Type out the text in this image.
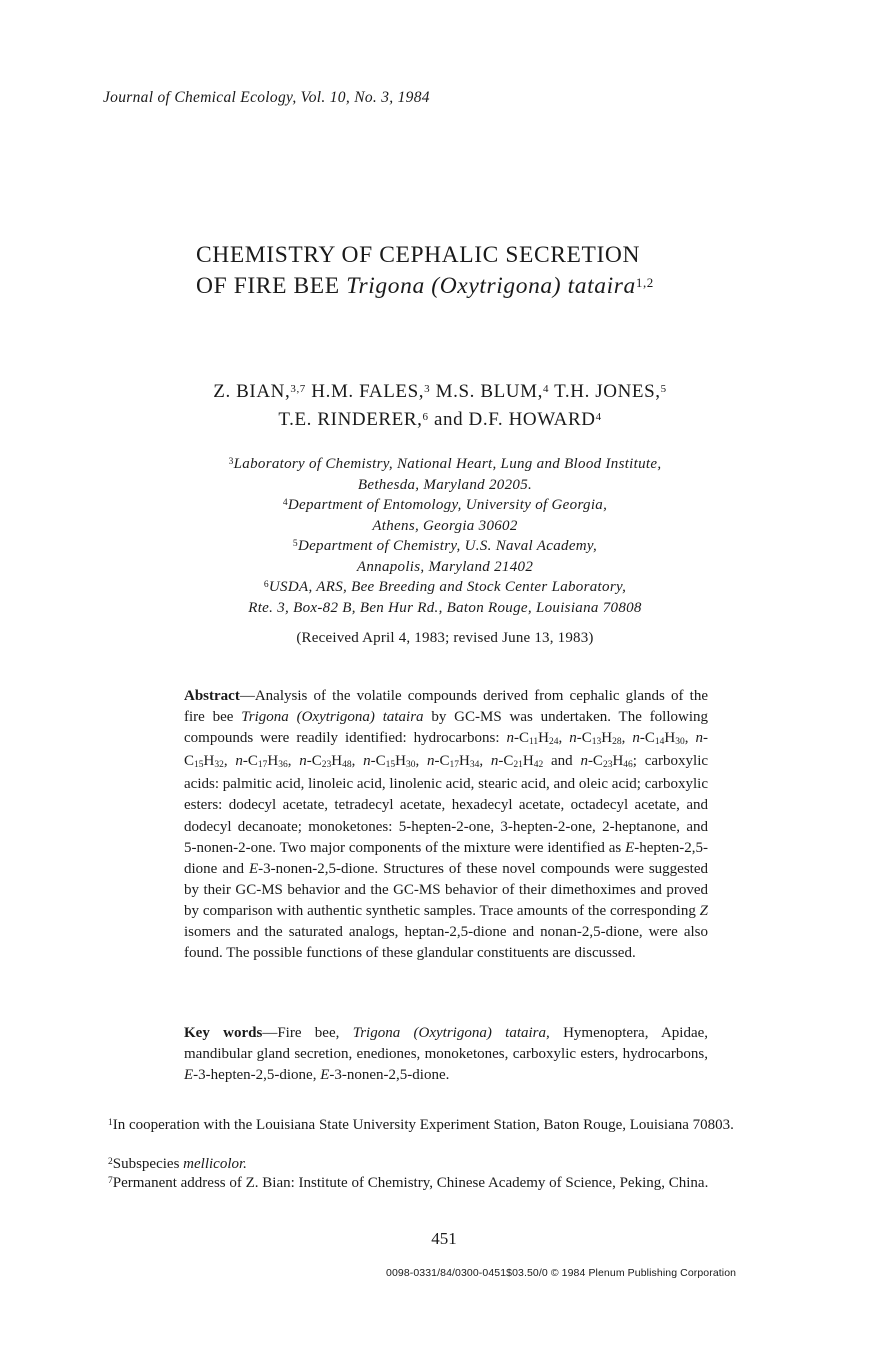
Journal of Chemical Ecology, Vol. 10, No. 3, 1984
CHEMISTRY OF CEPHALIC SECRETION
OF FIRE BEE Trigona (Oxytrigona) tataira$^{1,2}$
Z. BIAN,$^{3,7}$ H.M. FALES,$^3$ M.S. BLUM,$^4$ T.H. JONES,$^5$
T.E. RINDERER,$^6$ and D.F. HOWARD$^4$
$^3$Laboratory of Chemistry, National Heart, Lung and Blood Institute,
Bethesda, Maryland 20205.
$^4$Department of Entomology, University of Georgia,
Athens, Georgia 30602
$^5$Department of Chemistry, U.S. Naval Academy,
Annapolis, Maryland 21402
$^6$USDA, ARS, Bee Breeding and Stock Center Laboratory,
Rte. 3, Box-82 B, Ben Hur Rd., Baton Rouge, Louisiana 70808
(Received April 4, 1983; revised June 13, 1983)
Abstract—Analysis of the volatile compounds derived from cephalic glands of the fire bee Trigona (Oxytrigona) tataira by GC-MS was undertaken. The following compounds were readily identified: hydrocarbons: $n-C_{11}H_{24}$, $n-C_{13}H_{28}$, $n-C_{14}H_{30}$, $n-C_{15}H_{32}$, $n-C_{17}H_{36}$, $n-C_{23}H_{48}$, $n-C_{15}H_{30}$, $n-C_{17}H_{34}$, $n-C_{21}H_{42}$ and $n-C_{23}H_{46}$; carboxylic acids: palmitic acid, linoleic acid, linolenic acid, stearic acid, and oleic acid; carboxylic esters: dodecyl acetate, tetradecyl acetate, hexadecyl acetate, octadecyl acetate, and dodecyl decanoate; monoketones: 5-hepten-2-one, 3-hepten-2-one, 2-heptanone, and 5-nonen-2-one. Two major components of the mixture were identified as E-hepten-2,5-dione and E-3-nonen-2,5-dione. Structures of these novel compounds were suggested by their GC-MS behavior and the GC-MS behavior of their dimethoximes and proved by comparison with authentic synthetic samples. Trace amounts of the corresponding Z isomers and the saturated analogs, heptan-2,5-dione and nonan-2,5-dione, were also found. The possible functions of these glandular constituents are discussed.
Key words—Fire bee, Trigona (Oxytrigona) tataira, Hymenoptera, Apidae, mandibular gland secretion, enediones, monoketones, carboxylic esters, hydrocarbons, E-3-hepten-2,5-dione, E-3-nonen-2,5-dione.
$^1$In cooperation with the Louisiana State University Experiment Station, Baton Rouge, Louisiana 70803.
$^2$Subspecies mellicolor.
$^7$Permanent address of Z. Bian: Institute of Chemistry, Chinese Academy of Science, Peking, China.
451
0098-0331/84/0300-0451$03.50/0 © 1984 Plenum Publishing Corporation
